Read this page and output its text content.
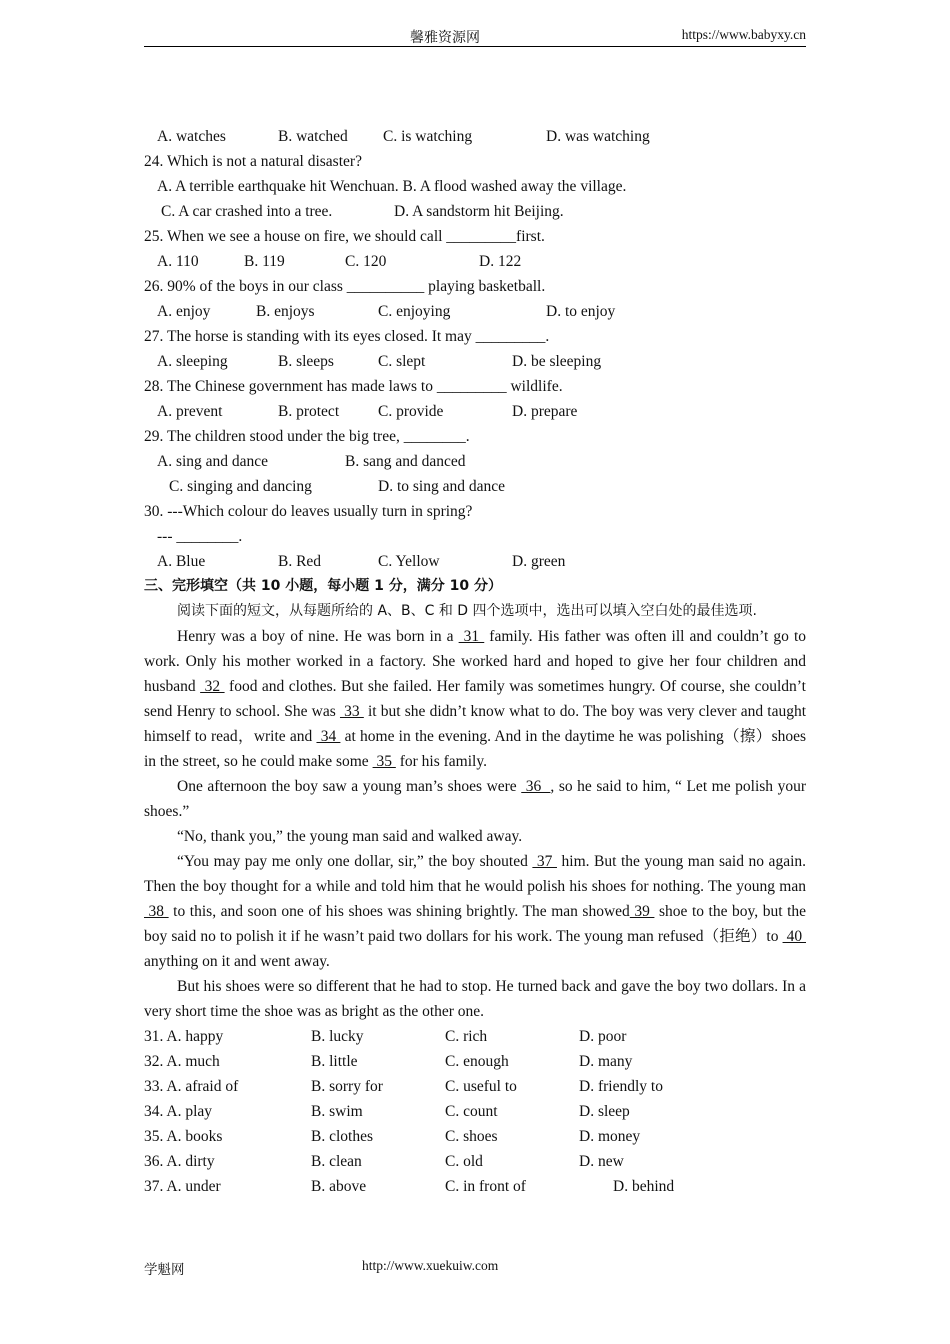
馨雅资源网	https://www.babyxy.cn
A. watches	B. watched C. is watching	D. was watching
24. Which is not a natural disaster?
A. A terrible earthquake hit Wenchuan. B. A flood washed away the village.
C. A car crashed into a tree.	D. A sandstorm hit Beijing.
25. When we see a house on fire, we should call _________first.
A. 110	B. 119	C. 120	D. 122
26. 90% of the boys in our class __________ playing basketball.
A. enjoy	B. enjoys	C. enjoying	D. to enjoy
27. The horse is standing with its eyes closed. It may _________.
A. sleeping	B. sleeps	C. slept	D. be sleeping
28. The Chinese government has made laws to _________ wildlife.
A. prevent	B. protect	C. provide	D. prepare
29. The children stood under the big tree, ________.
A. sing and dance	B. sang and danced
C. singing and dancing	D. to sing and dance
30. ---Which colour do leaves usually turn in spring?
--- ________.
A. Blue	B. Red	C. Yellow	D. green
三、完形填空（共 10 小题，每小题 1 分，满分 10 分）

阅读下面的短文，从每题所给的 A、B、C 和 D 四个选项中，选出可以填入空白处的最佳选项.

Henry was a boy of nine. He was born in a  31  family. His father was often ill and couldn’t go to work. Only his mother worked in a factory. She worked hard and hoped to give her four children and husband  32  food and clothes. But she failed. Her family was sometimes hungry. Of course, she couldn’t send Henry to school. She was  33  it but she didn’t know what to do. The boy was very clever and taught himself to read，write and  34  at home in the evening. And in the daytime he was polishing（擦）shoes in the street, so he could make some  35  for his family.

One afternoon the boy saw a young man’s shoes were  36  , so he said to him, “ Let me polish your shoes.”

“No, thank you,” the young man said and walked away.

“You may pay me only one dollar, sir,” the boy shouted  37  him. But the young man said no again. Then the boy thought for a while and told him that he would polish his shoes for nothing. The young man  38  to this, and soon one of his shoes was shining brightly. The man showed 39  shoe to the boy, but the boy said no to polish it if he wasn’t paid two dollars for his work. The young man refused（拒绝）to  40  anything on it and went away.

But his shoes were so different that he had to stop. He turned back and gave the boy two dollars. In a very short time the shoe was as bright as the other one.

31. A. happy	B. lucky	C. rich	D. poor
32. A. much	B. little	C. enough	D. many
33. A. afraid of	B. sorry for	C. useful to	D. friendly to
34. A. play	B. swim	C. count	D. sleep
35. A. books	B. clothes	C. shoes	D. money
36. A. dirty	B. clean	C. old	D. new
37. A. under	B. above	C. in front of	D. behind
学魁网	http://www.xuekuiw.com
